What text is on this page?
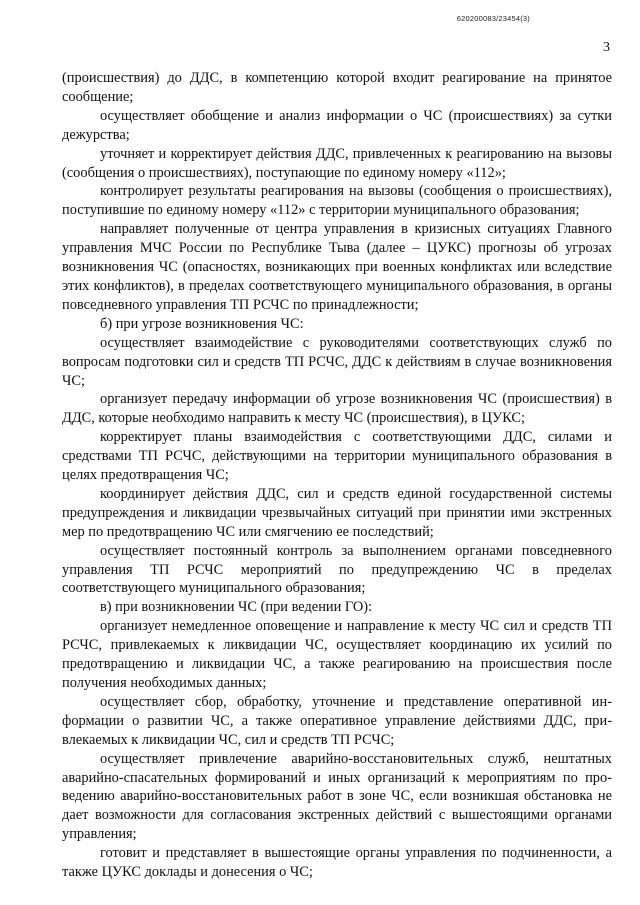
620200083/23454(3)
3

(происшествия) до ДДС, в компетенцию которой входит реагирование на принятое сообщение;

осуществляет обобщение и анализ информации о ЧС (происшествиях) за сутки дежурства;

уточняет и корректирует действия ДДС, привлеченных к реагированию на вызовы (сообщения о происшествиях), поступающие по единому номеру «112»;

контролирует результаты реагирования на вызовы (сообщения о происшествиях), поступившие по единому номеру «112» с территории муниципального образования;

направляет полученные от центра управления в кризисных ситуациях Главного управления МЧС России по Республике Тыва (далее – ЦУКС) прогнозы об угрозах возникновения ЧС (опасностях, возникающих при военных конфликтах или вследствие этих конфликтов), в пределах соответствующего муниципального образования, в органы повседневного управления ТП РСЧС по принадлежности;

б) при угрозе возникновения ЧС:

осуществляет взаимодействие с руководителями соответствующих служб по вопросам подготовки сил и средств ТП РСЧС, ДДС к действиям в случае возникновения ЧС;

организует передачу информации об угрозе возникновения ЧС (происшествия) в ДДС, которые необходимо направить к месту ЧС (происшествия), в ЦУКС;

корректирует планы взаимодействия с соответствующими ДДС, силами и средствами ТП РСЧС, действующими на территории муниципального образования в целях предотвращения ЧС;

координирует действия ДДС, сил и средств единой государственной системы предупреждения и ликвидации чрезвычайных ситуаций при принятии ими экстренных мер по предотвращению ЧС или смягчению ее последствий;

осуществляет постоянный контроль за выполнением органами повседневного управления ТП РСЧС мероприятий по предупреждению ЧС в пределах соответствующего муниципального образования;

в) при возникновении ЧС (при ведении ГО):

организует немедленное оповещение и направление к месту ЧС сил и средств ТП РСЧС, привлекаемых к ликвидации ЧС, осуществляет координацию их усилий по предотвращению и ликвидации ЧС, а также реагированию на происшествия после получения необходимых данных;

осуществляет сбор, обработку, уточнение и представление оперативной информации о развитии ЧС, а также оперативное управление действиями ДДС, привлекаемых к ликвидации ЧС, сил и средств ТП РСЧС;

осуществляет привлечение аварийно-восстановительных служб, нештатных аварийно-спасательных формирований и иных организаций к мероприятиям по проведению аварийно-восстановительных работ в зоне ЧС, если возникшая обстановка не дает возможности для согласования экстренных действий с вышестоящими органами управления;

готовит и представляет в вышестоящие органы управления по подчиненности, а также ЦУКС доклады и донесения о ЧС;
